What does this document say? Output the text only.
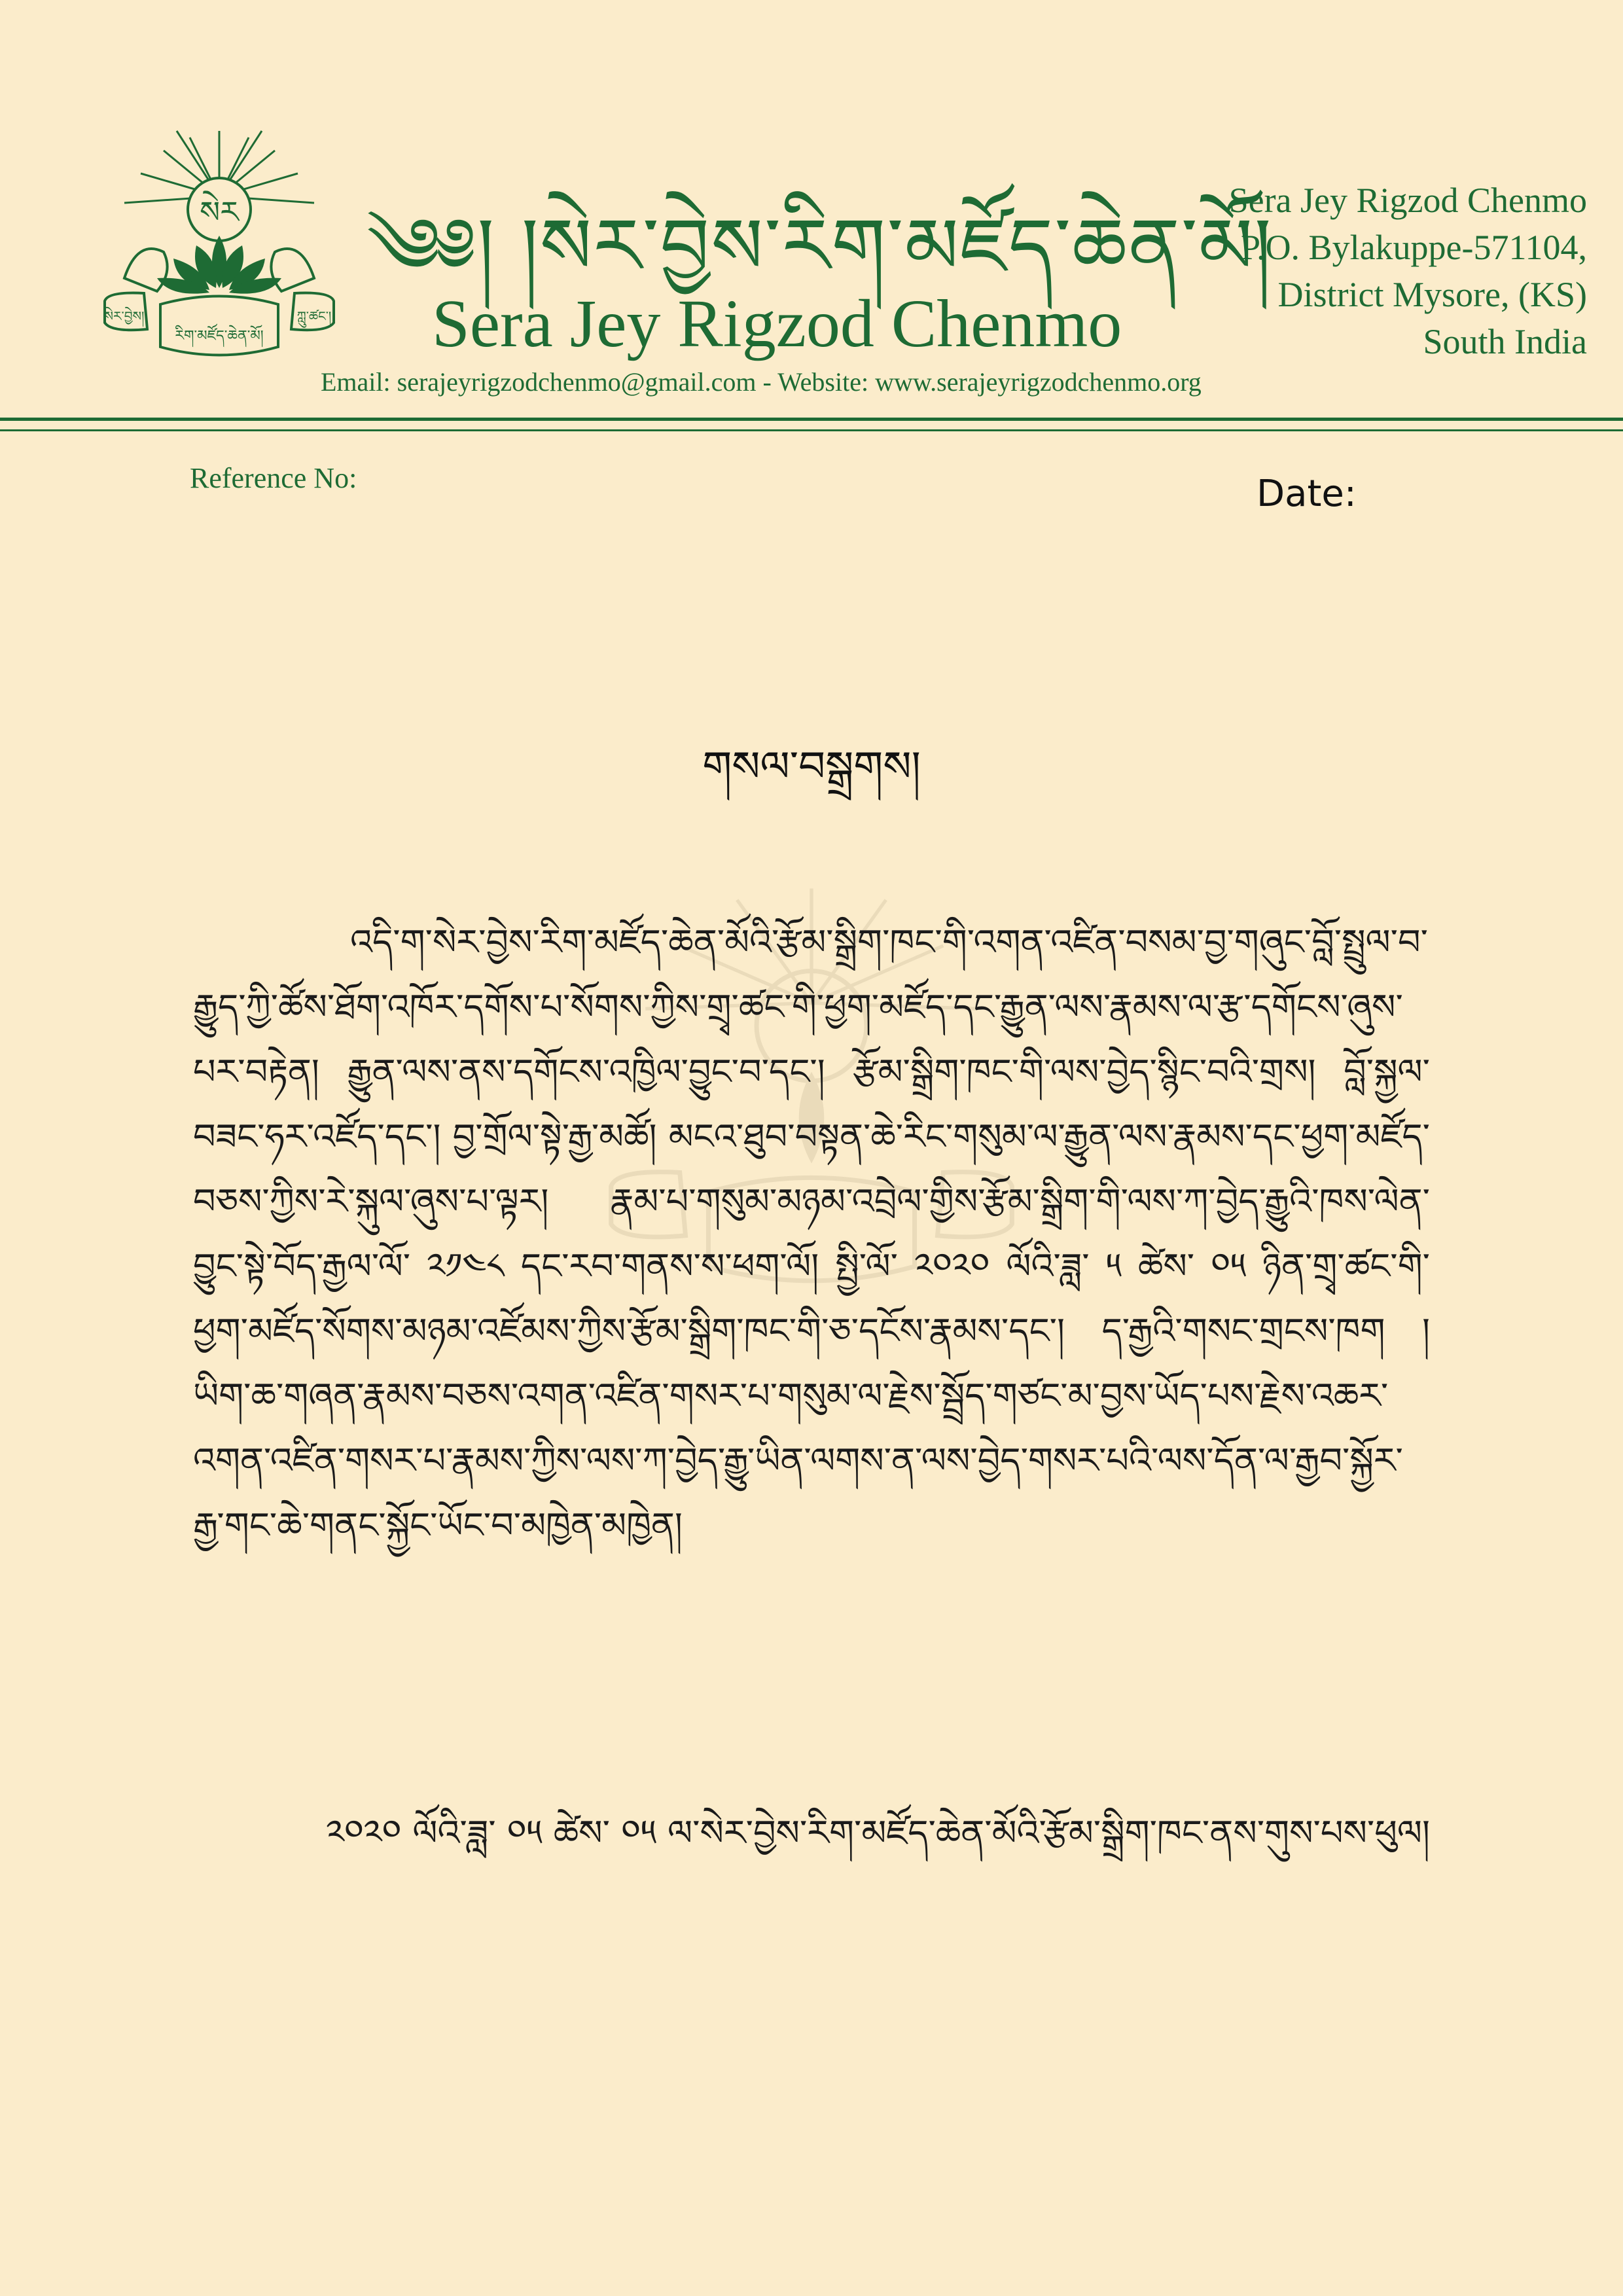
སེར
སེར་བྱེས།
རིག་མཛོད་ཆེན་མོ།
ཀླུ་ཚང་།
༄༅། །སེར་བྱེས་རིག་མཛོད་ཆེན་མོ།
Sera Jey Rigzod Chenmo
Sera Jey Rigzod Chenmo
P.O. Bylakuppe-571104,
District Mysore, (KS)
South India
Email: serajeyrigzodchenmo@gmail.com - Website: www.serajeyrigzodchenmo.org
Reference No:	Date:
གསལ་བསྒྲགས།
འདི་ག་སེར་བྱེས་རིག་མཛོད་ཆེན་མོའི་རྩོམ་སྒྲིག་ཁང་གི་འགན་འཛིན་བསམ་བྱ་གཞུང་བློ་སྤྲུལ་བ་རྒྱུད་ཀྱི་ཚོས་ཐོག་འཁོར་དགོས་པ་སོགས་ཀྱིས་གྲྭ་ཚང་གི་ཕྱག་མཛོད་དང་རྒྱུན་ལས་རྣམས་ལ་རྩ་དགོངས་ཞུས་པར་བརྟེན། རྒྱུན་ལས་ནས་དགོངས་འཁྱིལ་བྱུང་བ་དང་། རྩོམ་སྒྲིག་ཁང་གི་ལས་བྱེད་སྙིང་བའི་གྲས། བློ་སྐྱལ་བཟང་ཧར་འཛོད་དང་། བྱ་གྲོལ་སྟེ་རྒྱ་མཚོ། མངའ་ཐུབ་བསྟན་ཆེ་རིང་གསུམ་ལ་རྒྱུན་ལས་རྣམས་དང་ཕྱག་མཛོད་བཅས་ཀྱིས་རེ་སྐུལ་ཞུས་པ་ལྟར། རྣམ་པ་གསུམ་མཉམ་འབྲེལ་གྱིས་རྩོམ་སྒྲིག་གི་ལས་ཀ་བྱེད་རྒྱུའི་ཁས་ལེན་བྱུང་སྟེ་བོད་རྒྱལ་ལོ་ ༢༡༤༨ དང་རབ་གནས་ས་ཕག་ལོ། སྤྱི་ལོ་ ༢༠༢༠ ལོའི་ཟླ་ ༥ ཚེས་ ༠༥ ཉིན་གྲྭ་ཚང་གི་ཕྱག་མཛོད་སོགས་མཉམ་འཛོམས་ཀྱིས་རྩོམ་སྒྲིག་ཁང་གི་ཅ་དངོས་རྣམས་དང་། ད་རྒྱའི་གསང་གྲངས་ཁག །ཡིག་ཆ་གཞན་རྣམས་བཅས་འགན་འཛིན་གསར་པ་གསུམ་ལ་རྗེས་སྦྲོད་གཙང་མ་བྱས་ཡོད་པས་རྗེས་འཆར་འགན་འཛིན་གསར་པ་རྣམས་ཀྱིས་ལས་ཀ་བྱེད་རྒྱུ་ཡིན་ལགས་ན་ལས་བྱེད་གསར་པའི་ལས་དོན་ལ་རྒྱབ་སྐྱོར་རྒྱ་གང་ཆེ་གནང་སྐྱོང་ཡོང་བ་མཁྱེན་མཁྱེན།
༢༠༢༠ ལོའི་ཟླ་ ༠༥ ཚེས་ ༠༥ ལ་སེར་བྱེས་རིག་མཛོད་ཆེན་མོའི་རྩོམ་སྒྲིག་ཁང་ནས་གུས་པས་ཕུལ།
